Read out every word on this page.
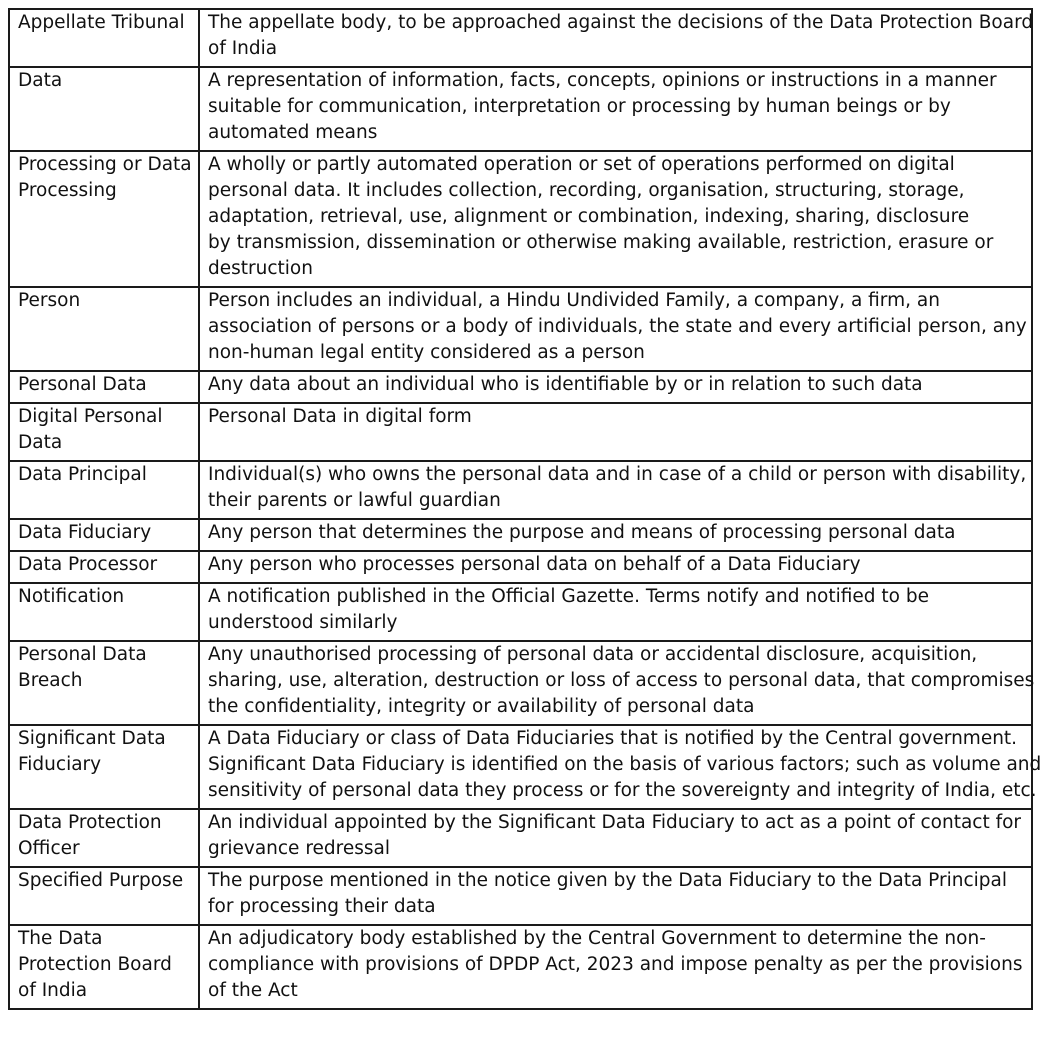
Appellate Tribunal	The appellate body, to be approached against the decisions of the Data Protection Board
of India

Data	A representation of information, facts, concepts, opinions or instructions in a manner
suitable for communication, interpretation or processing by human beings or by
automated means

Processing or Data
Processing	A wholly or partly automated operation or set of operations performed on digital
personal data. It includes collection, recording, organisation, structuring, storage,
adaptation, retrieval, use, alignment or combination, indexing, sharing, disclosure
by transmission, dissemination or otherwise making available, restriction, erasure or
destruction

Person	Person includes an individual, a Hindu Undivided Family, a company, a firm, an
association of persons or a body of individuals, the state and every artificial person, any
non-human legal entity considered as a person

Personal Data	Any data about an individual who is identifiable by or in relation to such data

Digital Personal
Data	Personal Data in digital form

Data Principal	Individual(s) who owns the personal data and in case of a child or person with disability,
their parents or lawful guardian

Data Fiduciary	Any person that determines the purpose and means of processing personal data

Data Processor	Any person who processes personal data on behalf of a Data Fiduciary

Notification	A notification published in the Official Gazette. Terms notify and notified to be
understood similarly

Personal Data
Breach	Any unauthorised processing of personal data or accidental disclosure, acquisition,
sharing, use, alteration, destruction or loss of access to personal data, that compromises
the confidentiality, integrity or availability of personal data

Significant Data
Fiduciary	A Data Fiduciary or class of Data Fiduciaries that is notified by the Central government.
Significant Data Fiduciary is identified on the basis of various factors; such as volume and
sensitivity of personal data they process or for the sovereignty and integrity of India, etc.

Data Protection
Officer	An individual appointed by the Significant Data Fiduciary to act as a point of contact for
grievance redressal

Specified Purpose	The purpose mentioned in the notice given by the Data Fiduciary to the Data Principal
for processing their data

The Data
Protection Board
of India	An adjudicatory body established by the Central Government to determine the non-
compliance with provisions of DPDP Act, 2023 and impose penalty as per the provisions
of the Act
